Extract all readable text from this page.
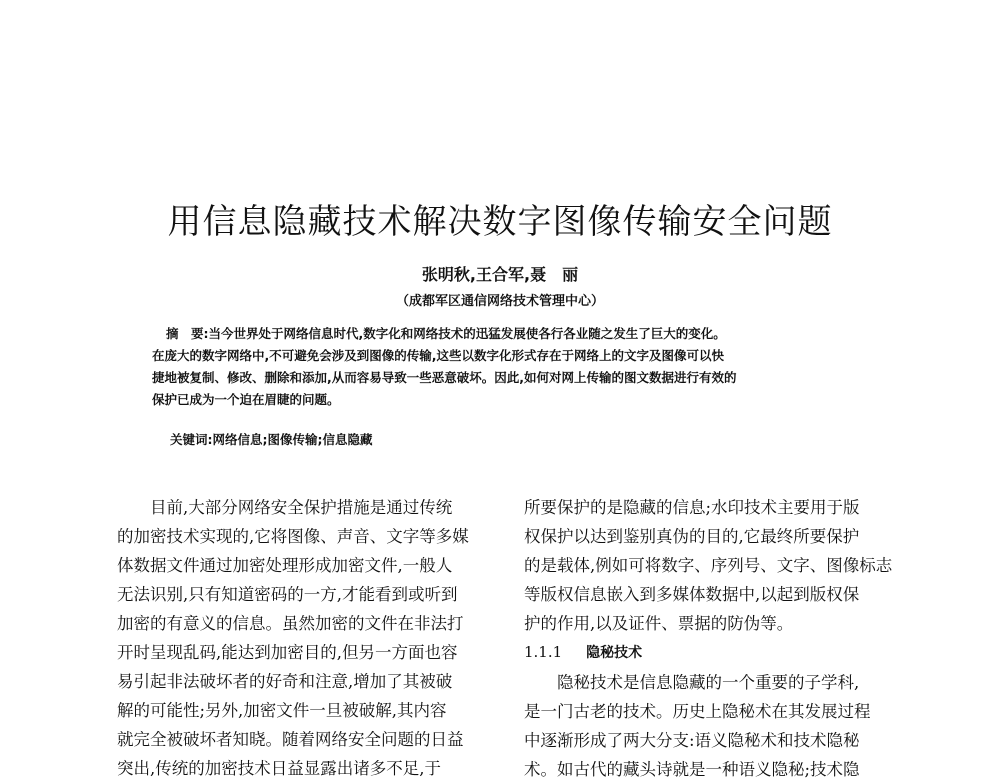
用信息隐藏技术解决数字图像传输安全问题
张明秋,王合军,聂　丽
（成都军区通信网络技术管理中心）
摘　要:当今世界处于网络信息时代,数字化和网络技术的迅猛发展使各行各业随之发生了巨大的变化。
在庞大的数字网络中,不可避免会涉及到图像的传输,这些以数字化形式存在于网络上的文字及图像可以快
捷地被复制、修改、删除和添加,从而容易导致一些恶意破坏。因此,如何对网上传输的图文数据进行有效的
保护已成为一个迫在眉睫的问题。
关键词:网络信息;图像传输;信息隐藏
目前,大部分网络安全保护措施是通过传统
的加密技术实现的,它将图像、声音、文字等多媒
体数据文件通过加密处理形成加密文件,一般人
无法识别,只有知道密码的一方,才能看到或听到
加密的有意义的信息。虽然加密的文件在非法打
开时呈现乱码,能达到加密目的,但另一方面也容
易引起非法破坏者的好奇和注意,增加了其被破
解的可能性;另外,加密文件一旦被破解,其内容
就完全被破坏者知晓。随着网络安全问题的日益
突出,传统的加密技术日益显露出诸多不足,于
所要保护的是隐藏的信息;水印技术主要用于版
权保护以达到鉴别真伪的目的,它最终所要保护
的是载体,例如可将数字、序列号、文字、图像标志
等版权信息嵌入到多媒体数据中,以起到版权保
护的作用,以及证件、票据的防伪等。
1.1.1 隐秘技术
隐秘技术是信息隐藏的一个重要的子学科,
是一门古老的技术。历史上隐秘术在其发展过程
中逐渐形成了两大分支:语义隐秘术和技术隐秘
术。如古代的藏头诗就是一种语义隐秘;技术隐
